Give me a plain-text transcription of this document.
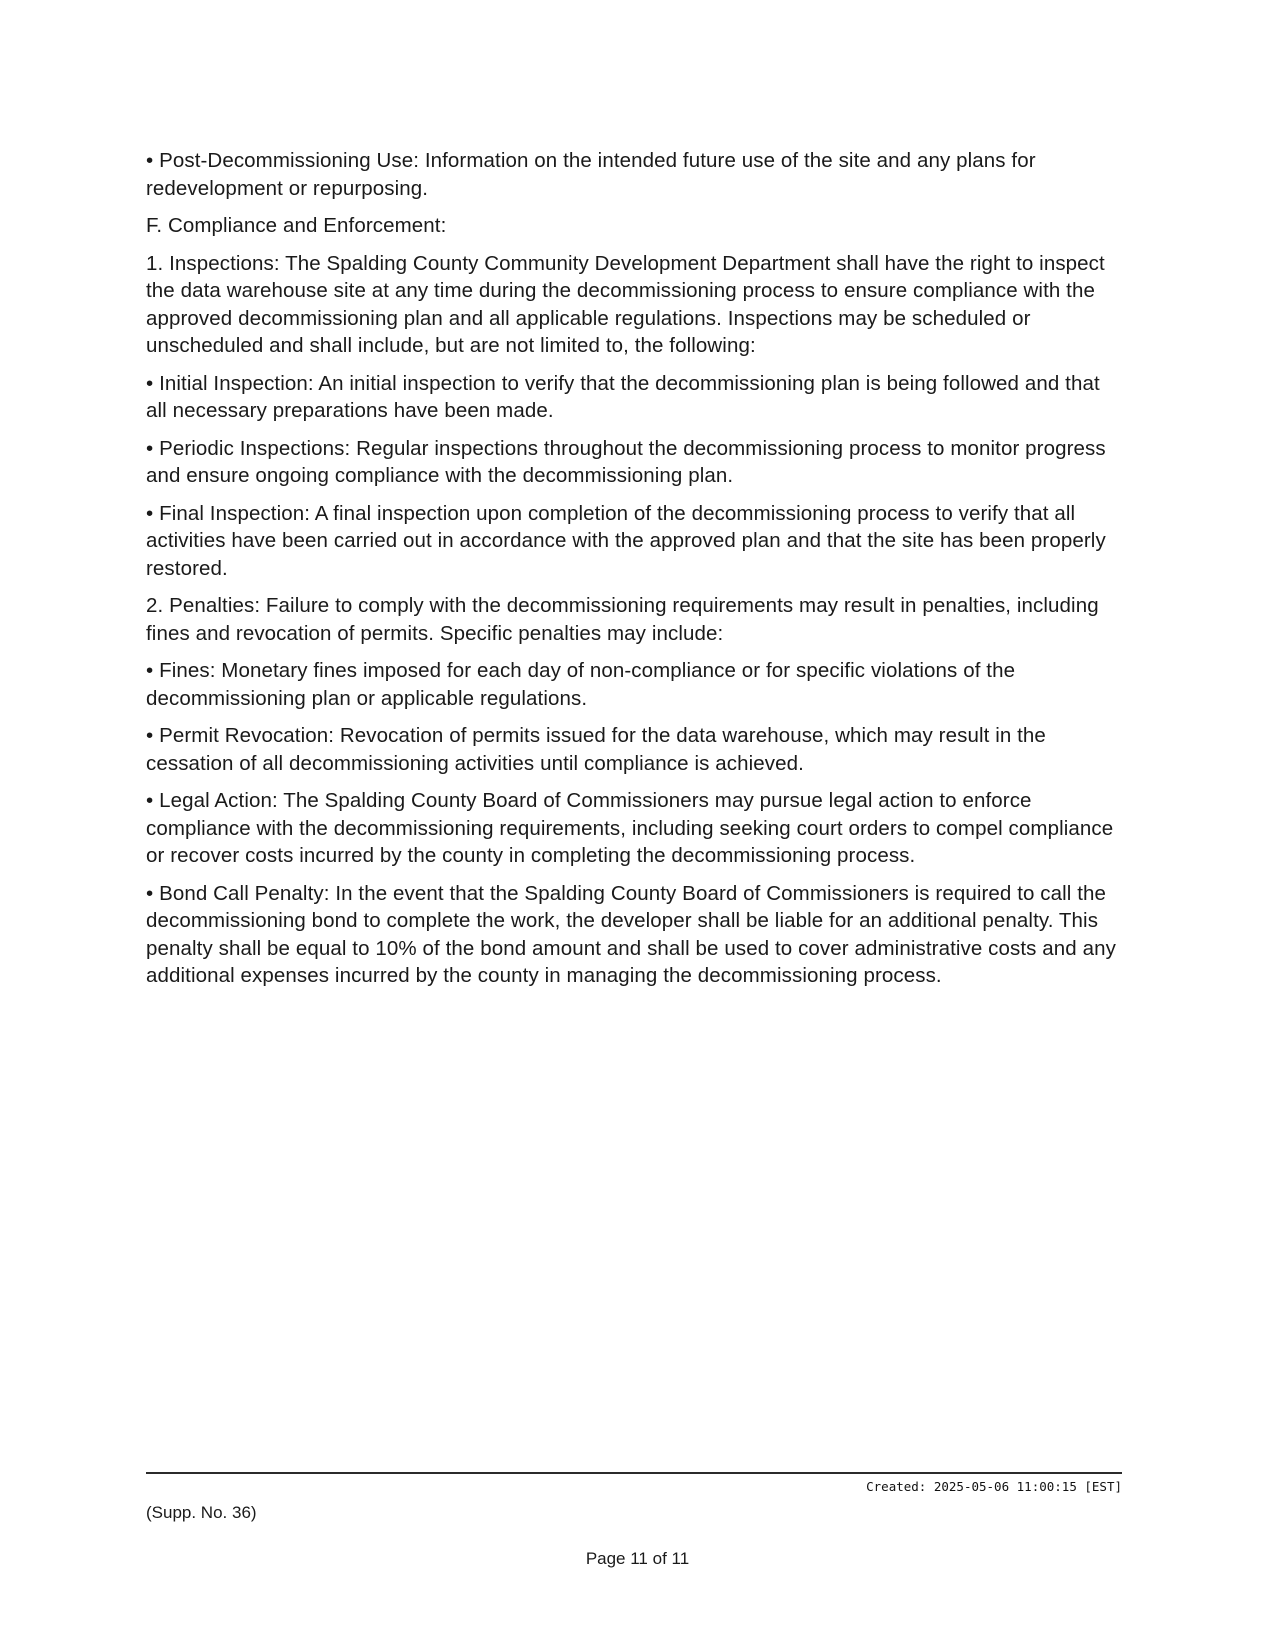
• Post-Decommissioning Use: Information on the intended future use of the site and any plans for redevelopment or repurposing.

F. Compliance and Enforcement:

1. Inspections: The Spalding County Community Development Department shall have the right to inspect the data warehouse site at any time during the decommissioning process to ensure compliance with the approved decommissioning plan and all applicable regulations. Inspections may be scheduled or unscheduled and shall include, but are not limited to, the following:

• Initial Inspection: An initial inspection to verify that the decommissioning plan is being followed and that all necessary preparations have been made.

• Periodic Inspections: Regular inspections throughout the decommissioning process to monitor progress and ensure ongoing compliance with the decommissioning plan.

• Final Inspection: A final inspection upon completion of the decommissioning process to verify that all activities have been carried out in accordance with the approved plan and that the site has been properly restored.

2. Penalties: Failure to comply with the decommissioning requirements may result in penalties, including fines and revocation of permits. Specific penalties may include:

• Fines: Monetary fines imposed for each day of non-compliance or for specific violations of the decommissioning plan or applicable regulations.

• Permit Revocation: Revocation of permits issued for the data warehouse, which may result in the cessation of all decommissioning activities until compliance is achieved.

• Legal Action: The Spalding County Board of Commissioners may pursue legal action to enforce compliance with the decommissioning requirements, including seeking court orders to compel compliance or recover costs incurred by the county in completing the decommissioning process.

• Bond Call Penalty: In the event that the Spalding County Board of Commissioners is required to call the decommissioning bond to complete the work, the developer shall be liable for an additional penalty. This penalty shall be equal to 10% of the bond amount and shall be used to cover administrative costs and any additional expenses incurred by the county in managing the decommissioning process.

Created: 2025-05-06 11:00:15 [EST]
(Supp. No. 36)
Page 11 of 11
